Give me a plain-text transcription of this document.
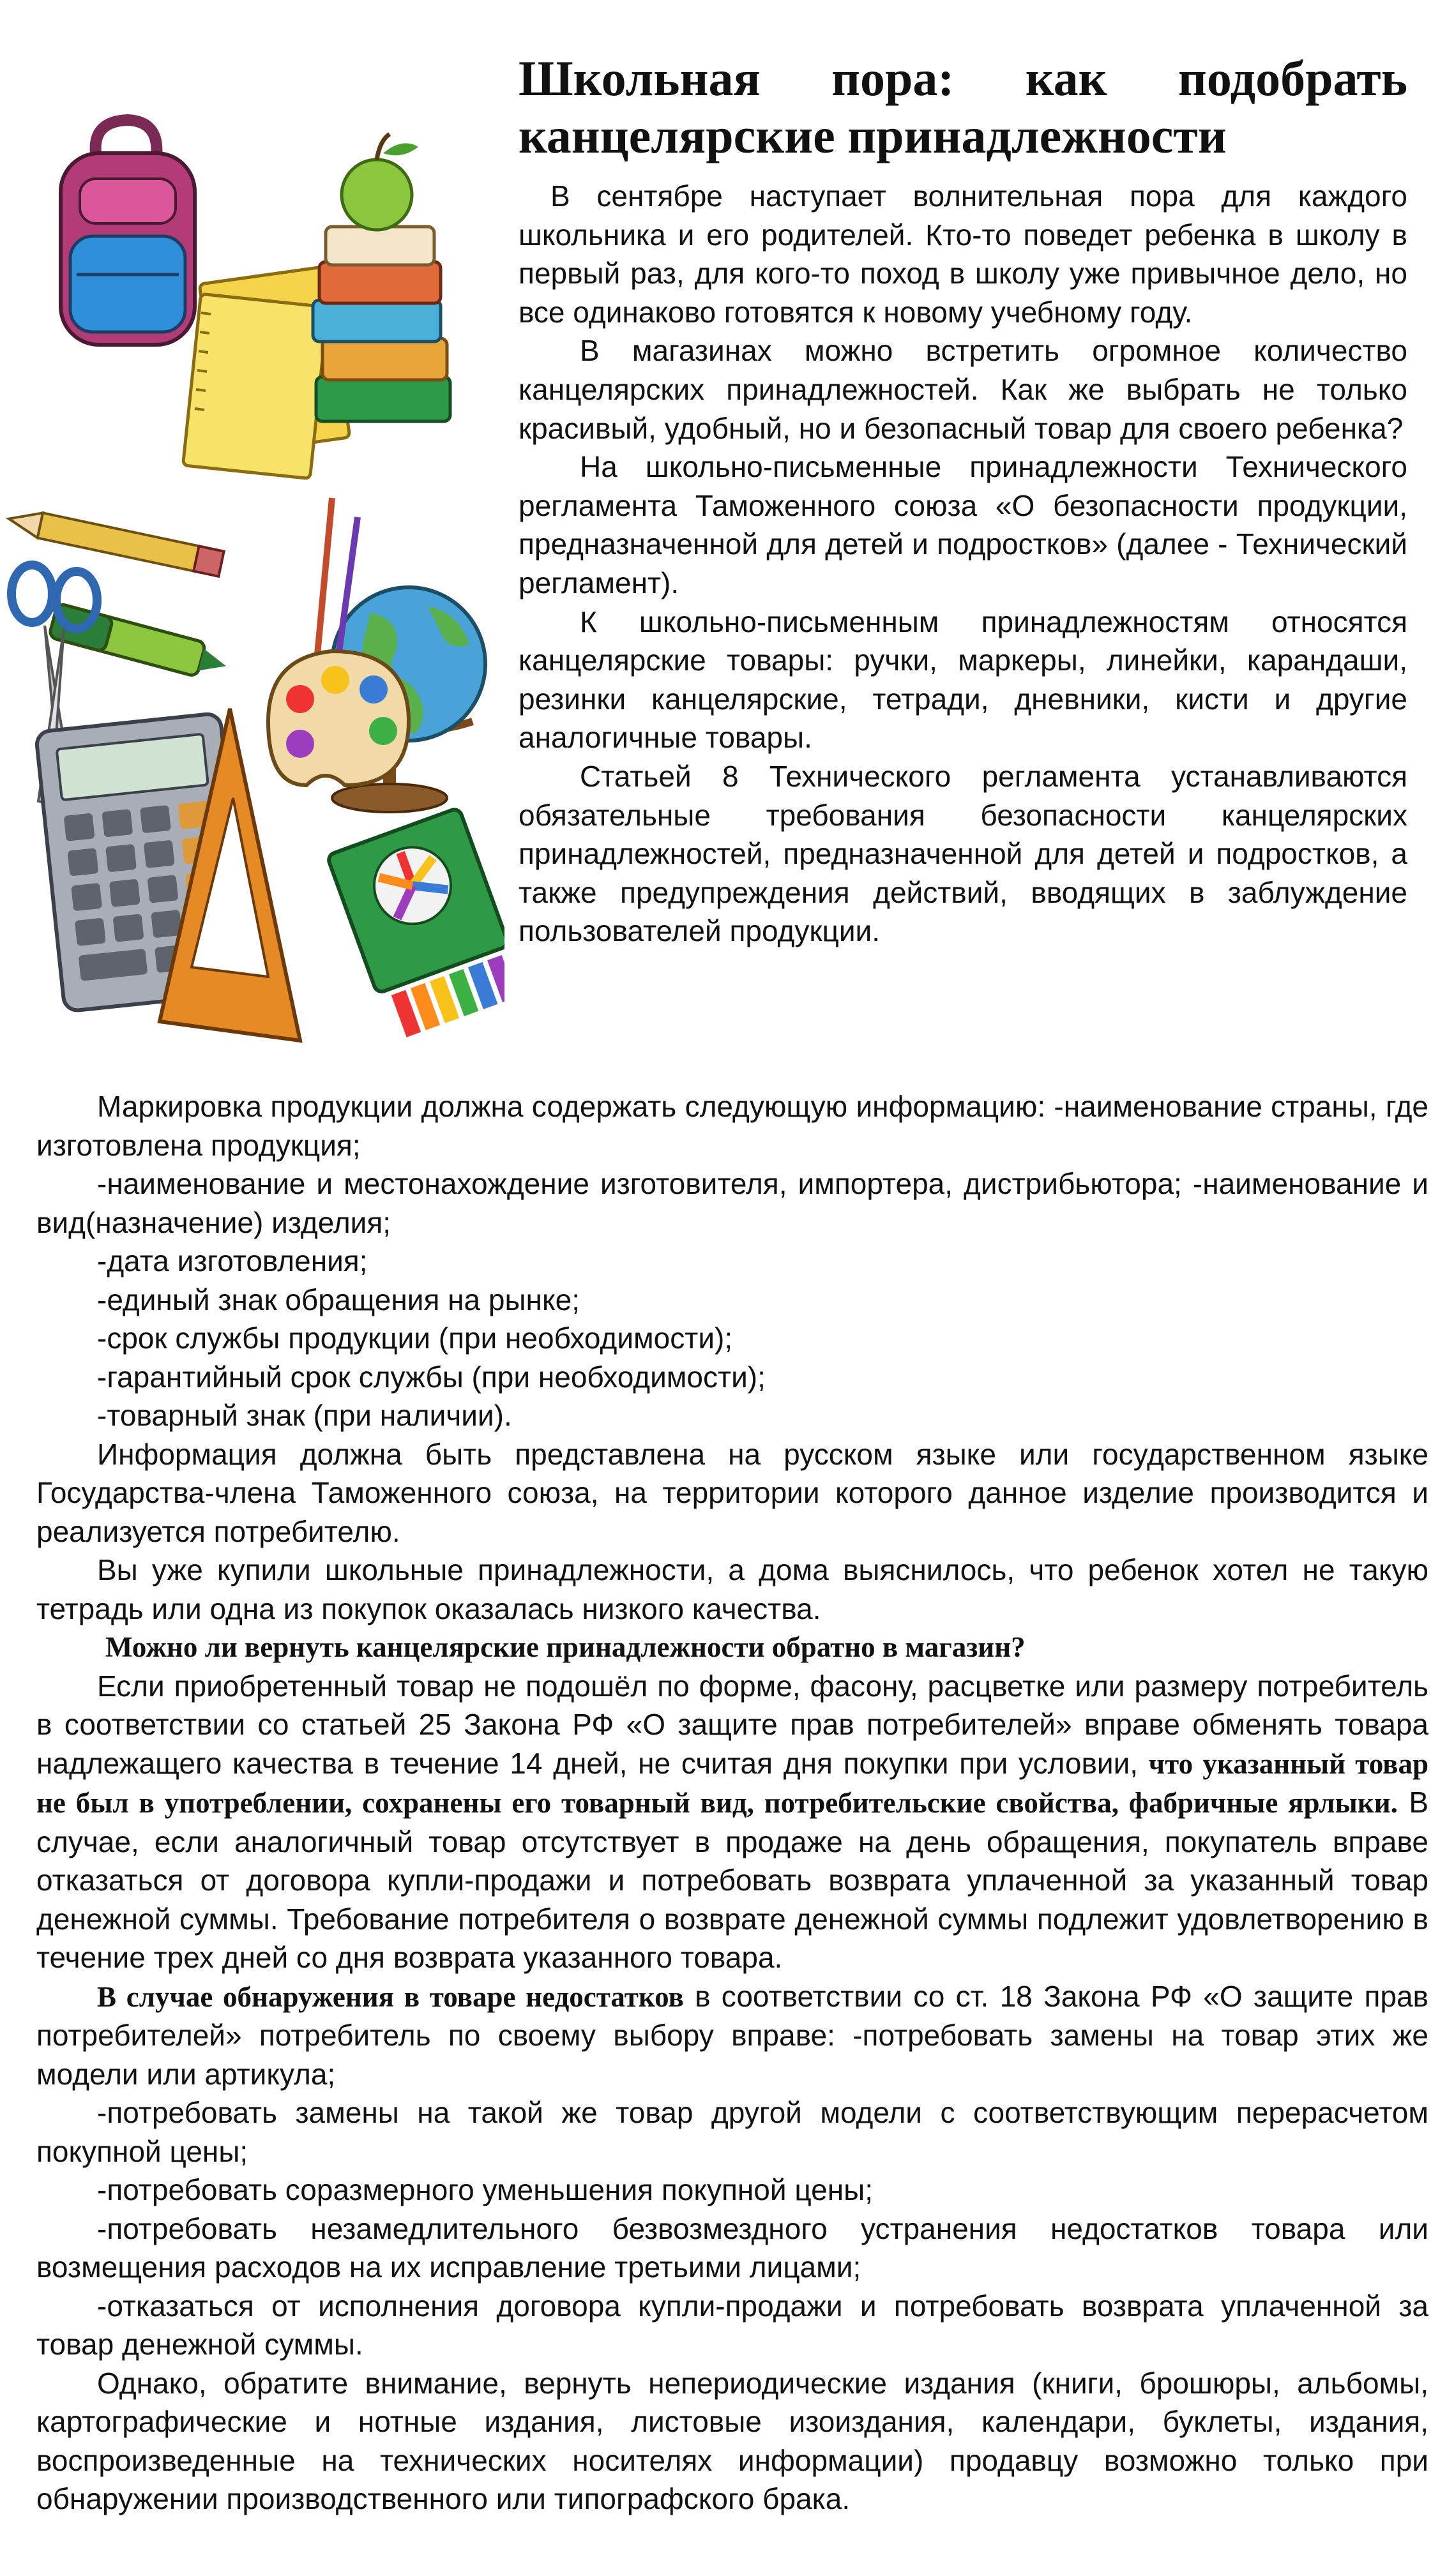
Школьная пора: как подобрать
канцелярские принадлежности

В сентябре наступает волнительная пора для каждого школьника и его родителей. Кто-то поведет ребенка в школу в первый раз, для кого-то поход в школу уже привычное дело, но все одинаково готовятся к новому учебному году.

В магазинах можно встретить огромное количество канцелярских принадлежностей. Как же выбрать не только красивый, удобный, но и безопасный товар для своего ребенка?

На школьно-письменные принадлежности Технического регламента Таможенного союза «О безопасности продукции, предназначенной для детей и подростков» (далее - Технический регламент).

К школьно-письменным принадлежностям относятся канцелярские товары: ручки, маркеры, линейки, карандаши, резинки канцелярские, тетради, дневники, кисти и другие аналогичные товары.

Статьей 8 Технического регламента устанавливаются обязательные требования безопасности канцелярских принадлежностей, предназначенной для детей и подростков, а также предупреждения действий, вводящих в заблуждение пользователей продукции.

Маркировка продукции должна содержать следующую информацию: -наименование страны, где изготовлена продукция;

-наименование и местонахождение изготовителя, импортера, дистрибьютора; -наименование и вид(назначение) изделия;

-дата изготовления;

-единый знак обращения на рынке;

-срок службы продукции (при необходимости);

-гарантийный срок службы (при необходимости);

-товарный знак (при наличии).

Информация должна быть представлена на русском языке или государственном языке Государства-члена Таможенного союза, на территории которого данное изделие производится и реализуется потребителю.

Вы уже купили школьные принадлежности, а дома выяснилось, что ребенок хотел не такую тетрадь или одна из покупок оказалась низкого качества.

Можно ли вернуть канцелярские принадлежности обратно в магазин?

Если приобретенный товар не подошёл по форме, фасону, расцветке или размеру потребитель в соответствии со статьей 25 Закона РФ «О защите прав потребителей» вправе обменять товара надлежащего качества в течение 14 дней, не считая дня покупки при условии, что указанный товар не был в употреблении, сохранены его товарный вид, потребительские свойства, фабричные ярлыки. В случае, если аналогичный товар отсутствует в продаже на день обращения, покупатель вправе отказаться от договора купли-продажи и потребовать возврата уплаченной за указанный товар денежной суммы. Требование потребителя о возврате денежной суммы подлежит удовлетворению в течение трех дней со дня возврата указанного товара.

В случае обнаружения в товаре недостатков в соответствии со ст. 18 Закона РФ «О защите прав потребителей» потребитель по своему выбору вправе: -потребовать замены на товар этих же модели или артикула;

-потребовать замены на такой же товар другой модели с соответствующим перерасчетом покупной цены;

-потребовать соразмерного уменьшения покупной цены;

-потребовать незамедлительного безвозмездного устранения недостатков товара или возмещения расходов на их исправление третьими лицами;

-отказаться от исполнения договора купли-продажи и потребовать возврата уплаченной за товар денежной суммы.

Однако, обратите внимание, вернуть непериодические издания (книги, брошюры, альбомы, картографические и нотные издания, листовые изоиздания, календари, буклеты, издания, воспроизведенные на технических носителях информации) продавцу возможно только при обнаружении производственного или типографского брака.
